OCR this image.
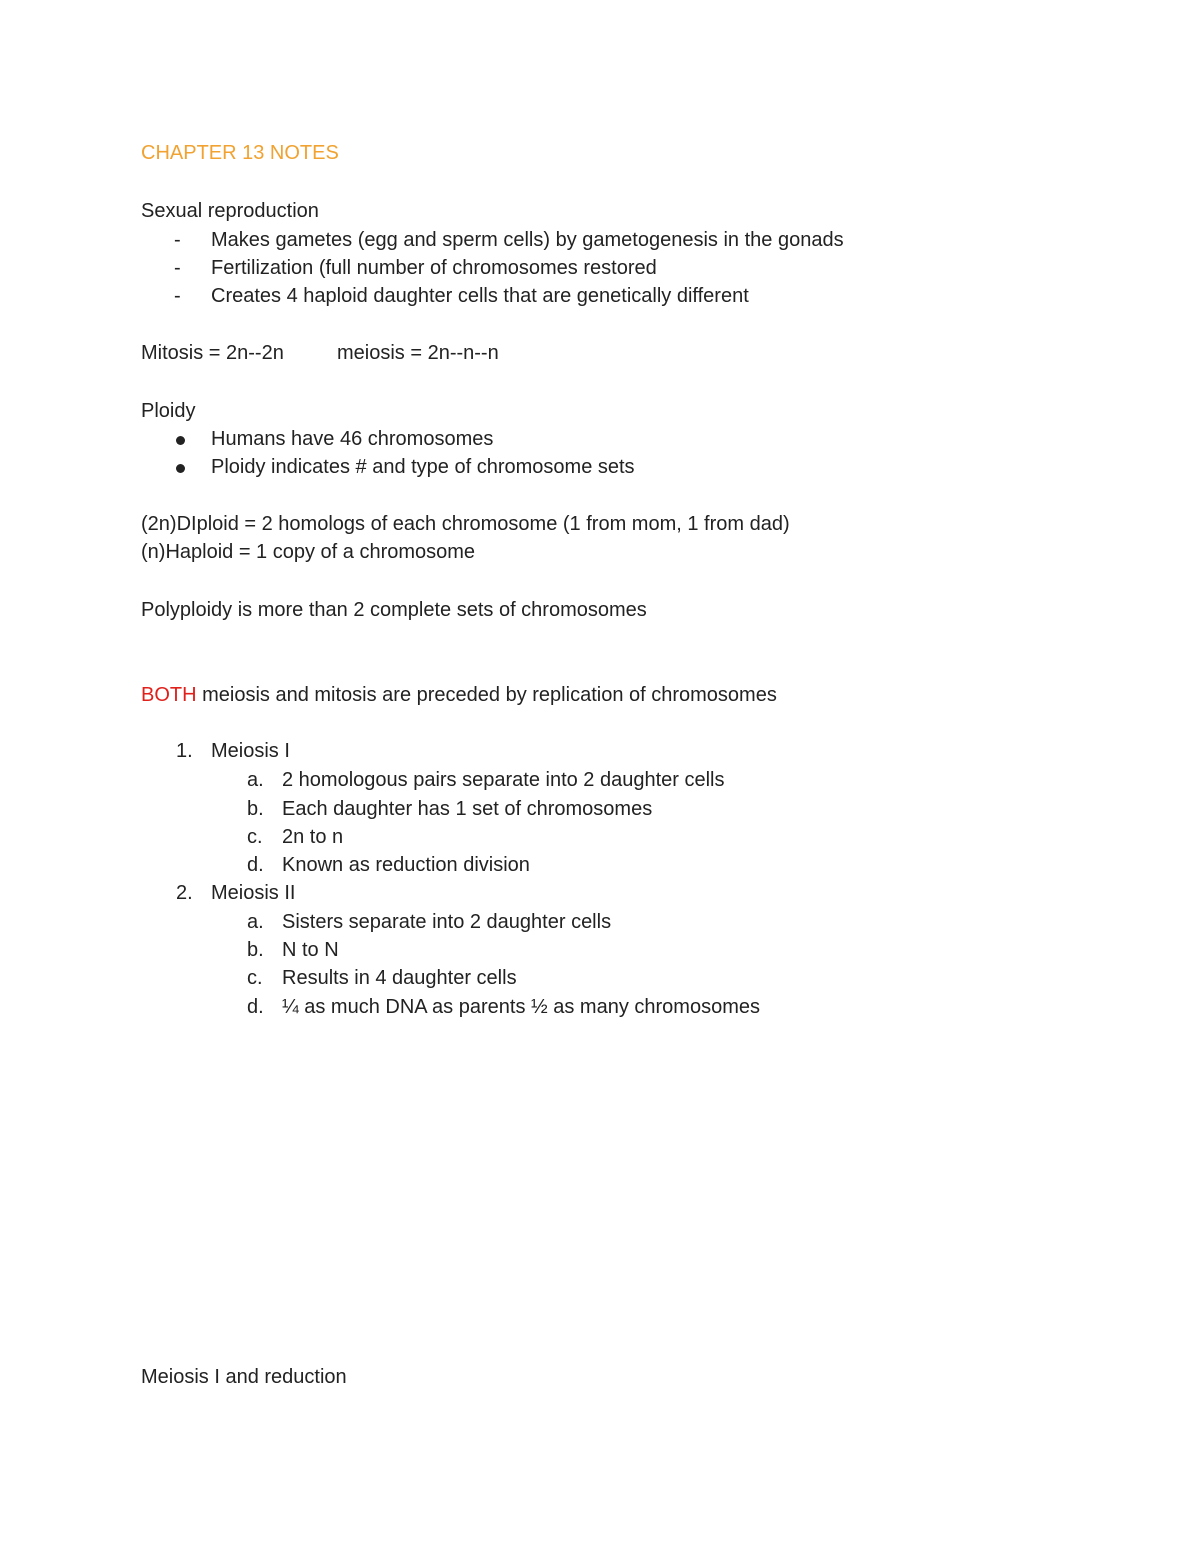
CHAPTER 13 NOTES
Sexual reproduction
- Makes gametes (egg and sperm cells) by gametogenesis in the gonads
- Fertilization (full number of chromosomes restored
- Creates 4 haploid daughter cells that are genetically different
Mitosis = 2n--2n	meiosis = 2n--n--n
Ploidy
Humans have 46 chromosomes
Ploidy indicates # and type of chromosome sets
(2n)DIploid = 2 homologs of each chromosome (1 from mom, 1 from dad)
(n)Haploid = 1 copy of a chromosome
Polyploidy is more than 2 complete sets of chromosomes
BOTH meiosis and mitosis are preceded by replication of chromosomes
1. Meiosis I
a. 2 homologous pairs separate into 2 daughter cells
b. Each daughter has 1 set of chromosomes
c. 2n to n
d. Known as reduction division
2. Meiosis II
a. Sisters separate into 2 daughter cells
b. N to N
c. Results in 4 daughter cells
d. ¼ as much DNA as parents ½ as many chromosomes
Meiosis I and reduction
